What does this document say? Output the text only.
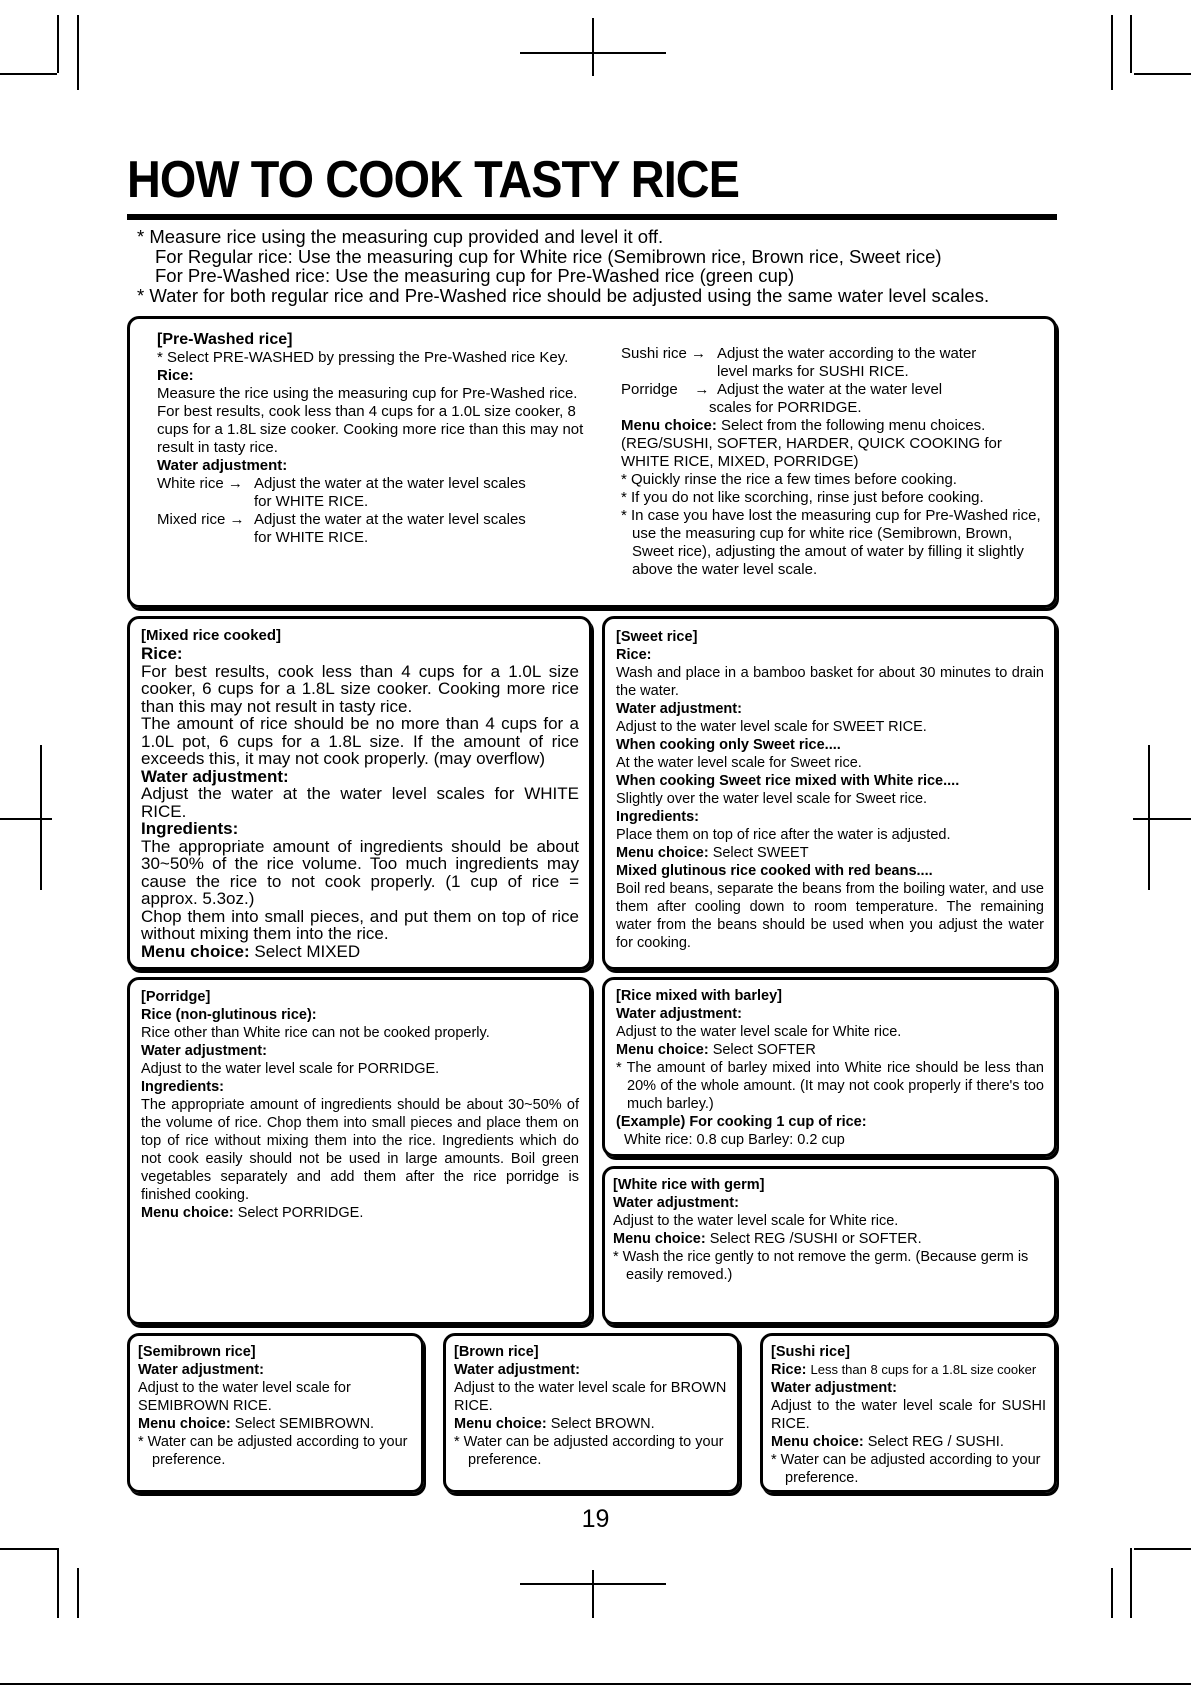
HOW TO COOK TASTY RICE

* Measure rice using the measuring cup provided and level it off.

For Regular rice: Use the measuring cup for White rice (Semibrown rice, Brown rice, Sweet rice)

For Pre-Washed rice: Use the measuring cup for Pre-Washed rice (green cup)

* Water for both regular rice and Pre-Washed rice should be adjusted using the same water level scales.

[Pre-Washed rice]

* Select PRE-WASHED by pressing the Pre-Washed rice Key.

Rice:

Measure the rice using the measuring cup for Pre-Washed rice.

For best results, cook less than 4 cups for a 1.0L size cooker, 8 cups for a 1.8L size cooker. Cooking more rice than this may not result in tasty rice.

Water adjustment:

White rice → Adjust the water at the water level scales

for WHITE RICE.

Mixed rice → Adjust the water at the water level scales

for WHITE RICE.

Sushi rice → Adjust the water according to the water

level marks for SUSHI RICE.

Porridge    → Adjust the water at the water level

scales for PORRIDGE.

Menu choice: Select from the following menu choices. (REG/SUSHI, SOFTER, HARDER, QUICK COOKING for WHITE RICE, MIXED, PORRIDGE)

* Quickly rinse the rice a few times before cooking.

* If you do not like scorching, rinse just before cooking.

* In case you have lost the measuring cup for Pre-Washed rice, use the measuring cup for white rice (Semibrown, Brown, Sweet rice), adjusting the amout of water by filling it slightly above the water level scale.

[Mixed rice cooked]

Rice:

For best results, cook less than 4 cups for a 1.0L size cooker, 6 cups for a 1.8L size cooker. Cooking more rice than this may not result in tasty rice.

The amount of rice should be no more than 4 cups for a 1.0L pot, 6 cups for a 1.8L size. If the amount of rice exceeds this, it may not cook properly. (may overflow)

Water adjustment:

Adjust the water at the water level scales for WHITE RICE.

Ingredients:

The appropriate amount of ingredients should be about 30~50% of the rice volume. Too much ingredients may cause the rice to not cook properly. (1 cup of rice = approx. 5.3oz.)

Chop them into small pieces, and put them on top of rice without mixing them into the rice.

Menu choice: Select MIXED

[Sweet rice]

Rice:

Wash and place in a bamboo basket for about 30 minutes to drain the water.

Water adjustment:

Adjust to the water level scale for SWEET RICE.

When cooking only Sweet rice....

At the water level scale for Sweet rice.

When cooking Sweet rice mixed with White rice....

Slightly over the water level scale for Sweet rice.

Ingredients:

Place them on top of rice after the water is adjusted.

Menu choice: Select SWEET

Mixed glutinous rice cooked with red beans....

Boil red beans, separate the beans from the boiling water, and use them after cooling down to room temperature. The remaining water from the beans should be used when you adjust the water for cooking.

[Porridge]

Rice (non-glutinous rice):

Rice other than White rice can not be cooked properly.

Water adjustment:

Adjust to the water level scale for PORRIDGE.

Ingredients:

The appropriate amount of ingredients should be about 30~50% of the volume of rice. Chop them into small pieces and place them on top of rice without mixing them into the rice. Ingredients which do not cook easily should not be used in large amounts. Boil green vegetables separately and add them after the rice porridge is finished cooking.

Menu choice: Select PORRIDGE.

[Rice mixed with barley]

Water adjustment:

Adjust to the water level scale for White rice.

Menu choice: Select SOFTER

* The amount of barley mixed into White rice should be less than 20% of the whole amount. (It may not cook properly if there's too much barley.)

(Example) For cooking 1 cup of rice:

White rice: 0.8 cup Barley: 0.2 cup

[White rice with germ]

Water adjustment:

Adjust to the water level scale for White rice.

Menu choice: Select REG /SUSHI or SOFTER.

* Wash the rice gently to not remove the germ. (Because germ is easily removed.)

[Semibrown rice]

Water adjustment:

Adjust to the water level scale for SEMIBROWN RICE.

Menu choice: Select SEMIBROWN.

* Water can be adjusted according to your preference.

[Brown rice]

Water adjustment:

Adjust to the water level scale for BROWN RICE.

Menu choice: Select BROWN.

* Water can be adjusted according to your preference.

[Sushi rice]

Rice: Less than 8 cups for a 1.8L size cooker

Water adjustment:

Adjust to the water level scale for SUSHI RICE.

Menu choice: Select REG / SUSHI.

* Water can be adjusted according to your preference.

19
